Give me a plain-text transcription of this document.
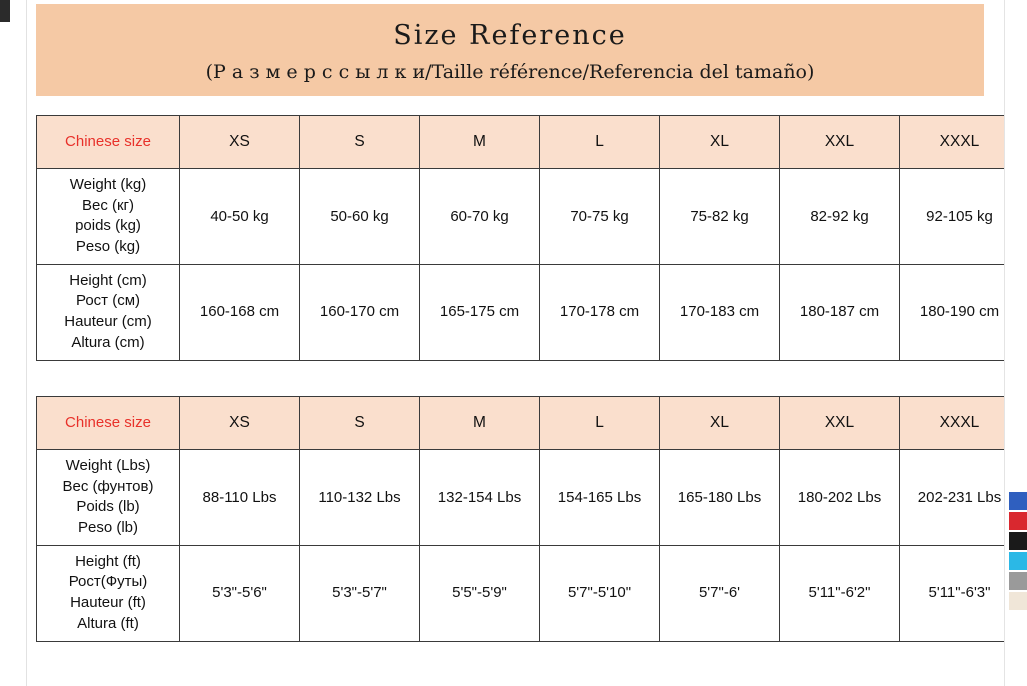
Size Reference
(Р а з м е р с с ы л к и/Taille référence/Referencia del tamaño)
Chinese size	XS	S	M	L	XL	XXL	XXXL

Weight (kg)
Вес (кг)
poids (kg)
Peso (kg)	40-50 kg	50-60 kg	60-70 kg	70-75 kg	75-82 kg	82-92 kg	92-105 kg

Height (cm)
Рост (см)
Hauteur (cm)
Altura (cm)	160-168 cm	160-170 cm	165-175 cm	170-178 cm	170-183 cm	180-187 cm	180-190 cm
Chinese size	XS	S	M	L	XL	XXL	XXXL

Weight (Lbs)
Вес (фунтов)
Poids (lb)
Peso (lb)	88-110 Lbs	110-132 Lbs	132-154 Lbs	154-165 Lbs	165-180 Lbs	180-202 Lbs	202-231 Lbs

Height (ft)
Рост(Футы)
Hauteur (ft)
Altura (ft)	5'3"-5'6"	5'3"-5'7"	5'5"-5'9"	5'7"-5'10"	5'7"-6'	5'11"-6'2"	5'11"-6'3"
